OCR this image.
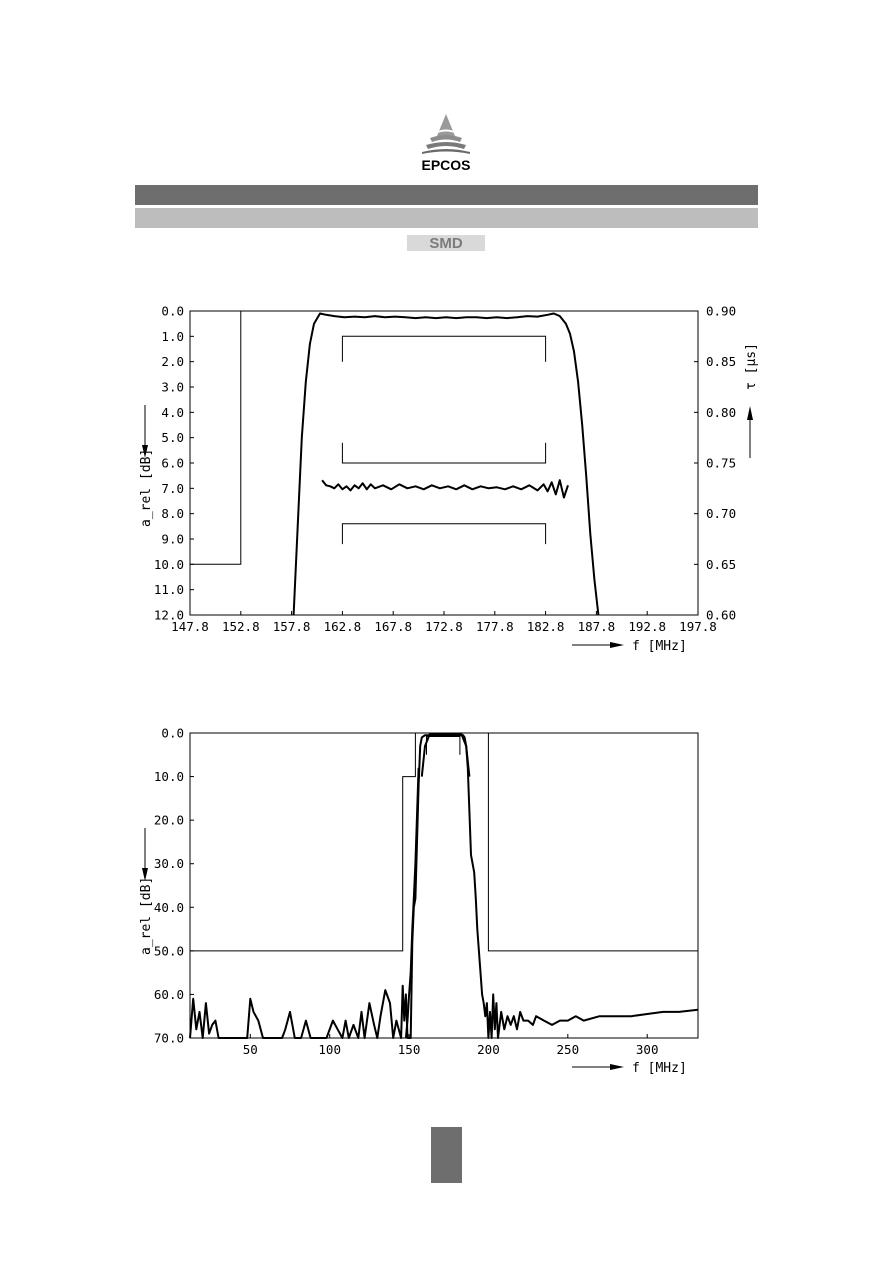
EPCOS
SMD
147.8 152.8 157.8 162.8 167.8 172.8 177.8 182.8 187.8 192.8 197.8
0.0
1.0
2.0
3.0
4.0
5.0
6.0
7.0
8.0
9.0
10.0
11.0
12.0
0.90
0.85
0.80
0.75
0.70
0.65
0.60
f [MHz]
a_rel [dB]
τ [µs]
50	100	150	200	250	300
0.0
10.0
20.0
30.0
40.0
50.0
60.0
70.0
f [MHz]
a_rel [dB]
